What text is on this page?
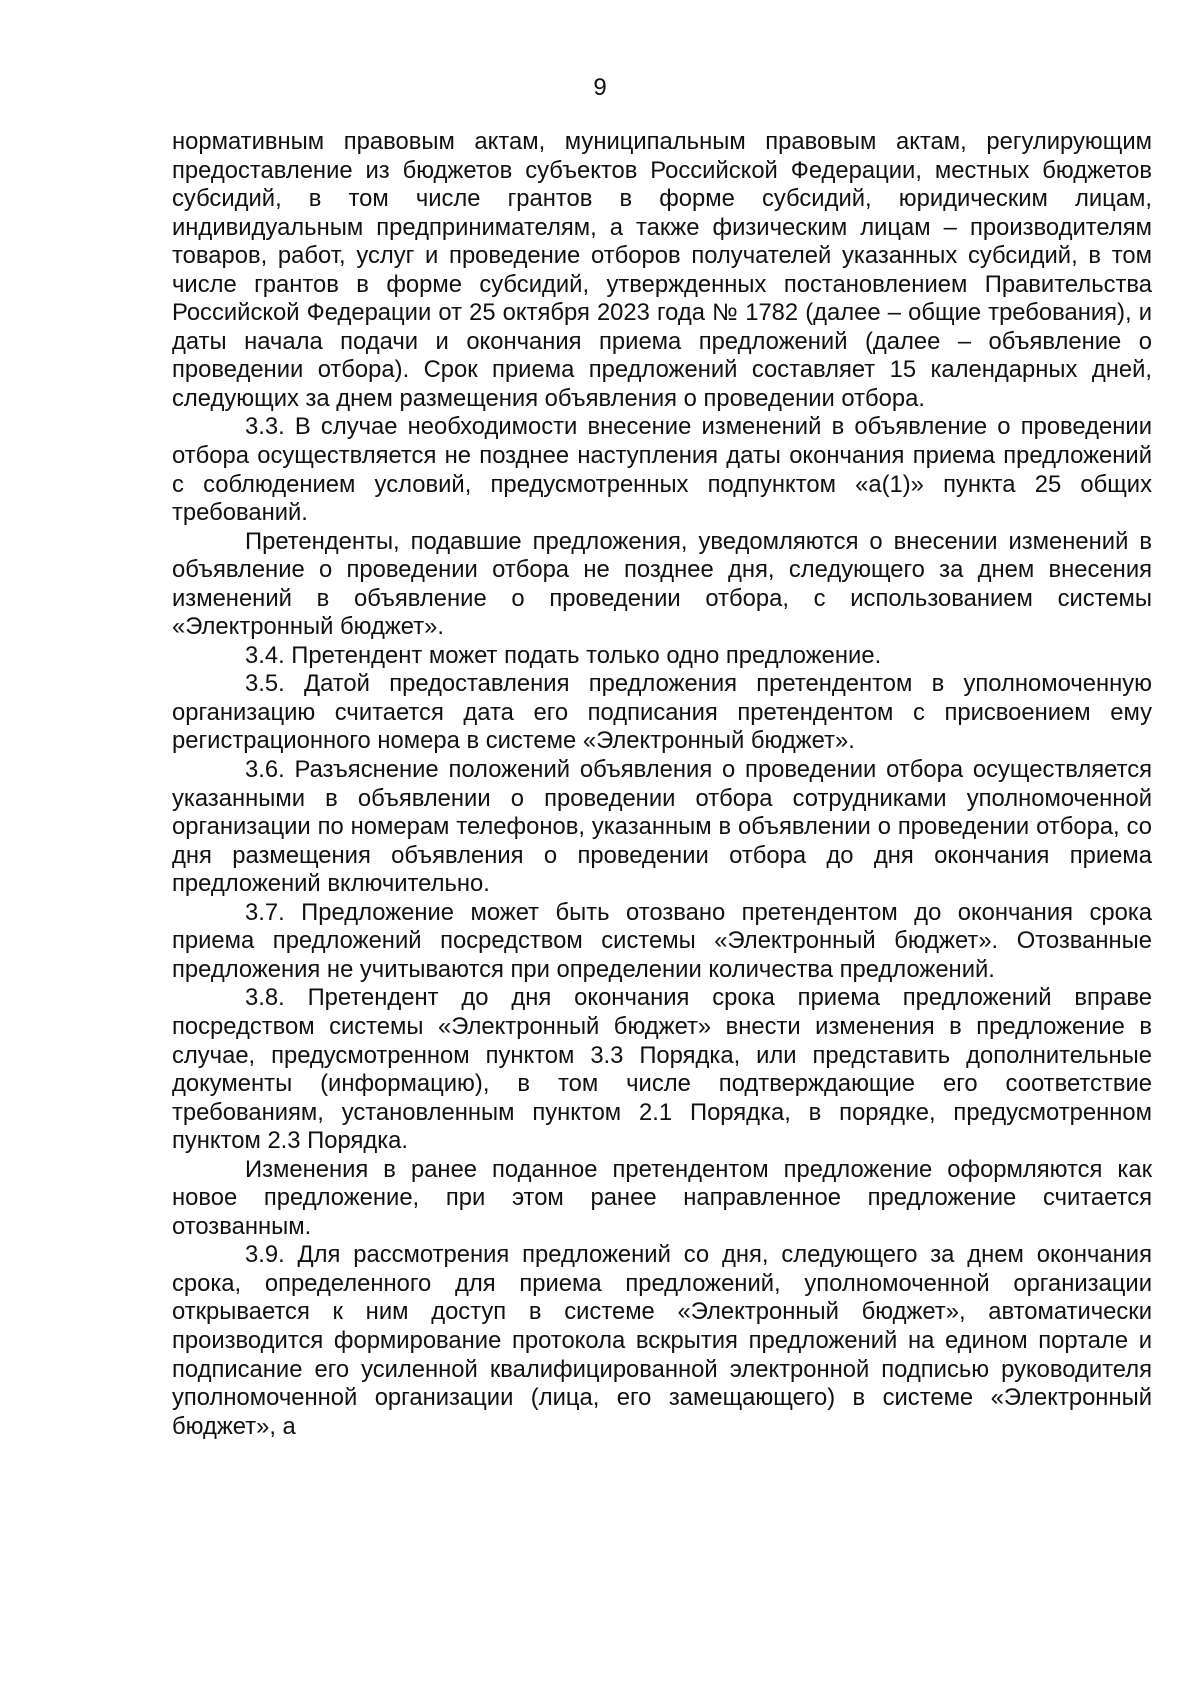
9

нормативным правовым актам, муниципальным правовым актам, регулирующим предоставление из бюджетов субъектов Российской Федерации, местных бюджетов субсидий, в том числе грантов в форме субсидий, юридическим лицам, индивидуальным предпринимателям, а также физическим лицам – производителям товаров, работ, услуг и проведение отборов получателей указанных субсидий, в том числе грантов в форме субсидий, утвержденных постановлением Правительства Российской Федерации от 25 октября 2023 года № 1782 (далее – общие требования), и даты начала подачи и окончания приема предложений (далее – объявление о проведении отбора). Срок приема предложений составляет 15 календарных дней, следующих за днем размещения объявления о проведении отбора.

3.3. В случае необходимости внесение изменений в объявление о проведении отбора осуществляется не позднее наступления даты окончания приема предложений с соблюдением условий, предусмотренных подпунктом «а(1)» пункта 25 общих требований.

Претенденты, подавшие предложения, уведомляются о внесении изменений в объявление о проведении отбора не позднее дня, следующего за днем внесения изменений в объявление о проведении отбора, с использованием системы «Электронный бюджет».

3.4. Претендент может подать только одно предложение.

3.5. Датой предоставления предложения претендентом в уполномоченную организацию считается дата его подписания претендентом с присвоением ему регистрационного номера в системе «Электронный бюджет».

3.6. Разъяснение положений объявления о проведении отбора осуществляется указанными в объявлении о проведении отбора сотрудниками уполномоченной организации по номерам телефонов, указанным в объявлении о проведении отбора, со дня размещения объявления о проведении отбора до дня окончания приема предложений включительно.

3.7. Предложение может быть отозвано претендентом до окончания срока приема предложений посредством системы «Электронный бюджет». Отозванные предложения не учитываются при определении количества предложений.

3.8. Претендент до дня окончания срока приема предложений вправе посредством системы «Электронный бюджет» внести изменения в предложение в случае, предусмотренном пунктом 3.3 Порядка, или представить дополнительные документы (информацию), в том числе подтверждающие его соответствие требованиям, установленным пунктом 2.1 Порядка, в порядке, предусмотренном пунктом 2.3 Порядка.

Изменения в ранее поданное претендентом предложение оформляются как новое предложение, при этом ранее направленное предложение считается отозванным.

3.9. Для рассмотрения предложений со дня, следующего за днем окончания срока, определенного для приема предложений, уполномоченной организации открывается к ним доступ в системе «Электронный бюджет», автоматически производится формирование протокола вскрытия предложений на едином портале и подписание его усиленной квалифицированной электронной подписью руководителя уполномоченной организации (лица, его замещающего) в системе «Электронный бюджет», а
